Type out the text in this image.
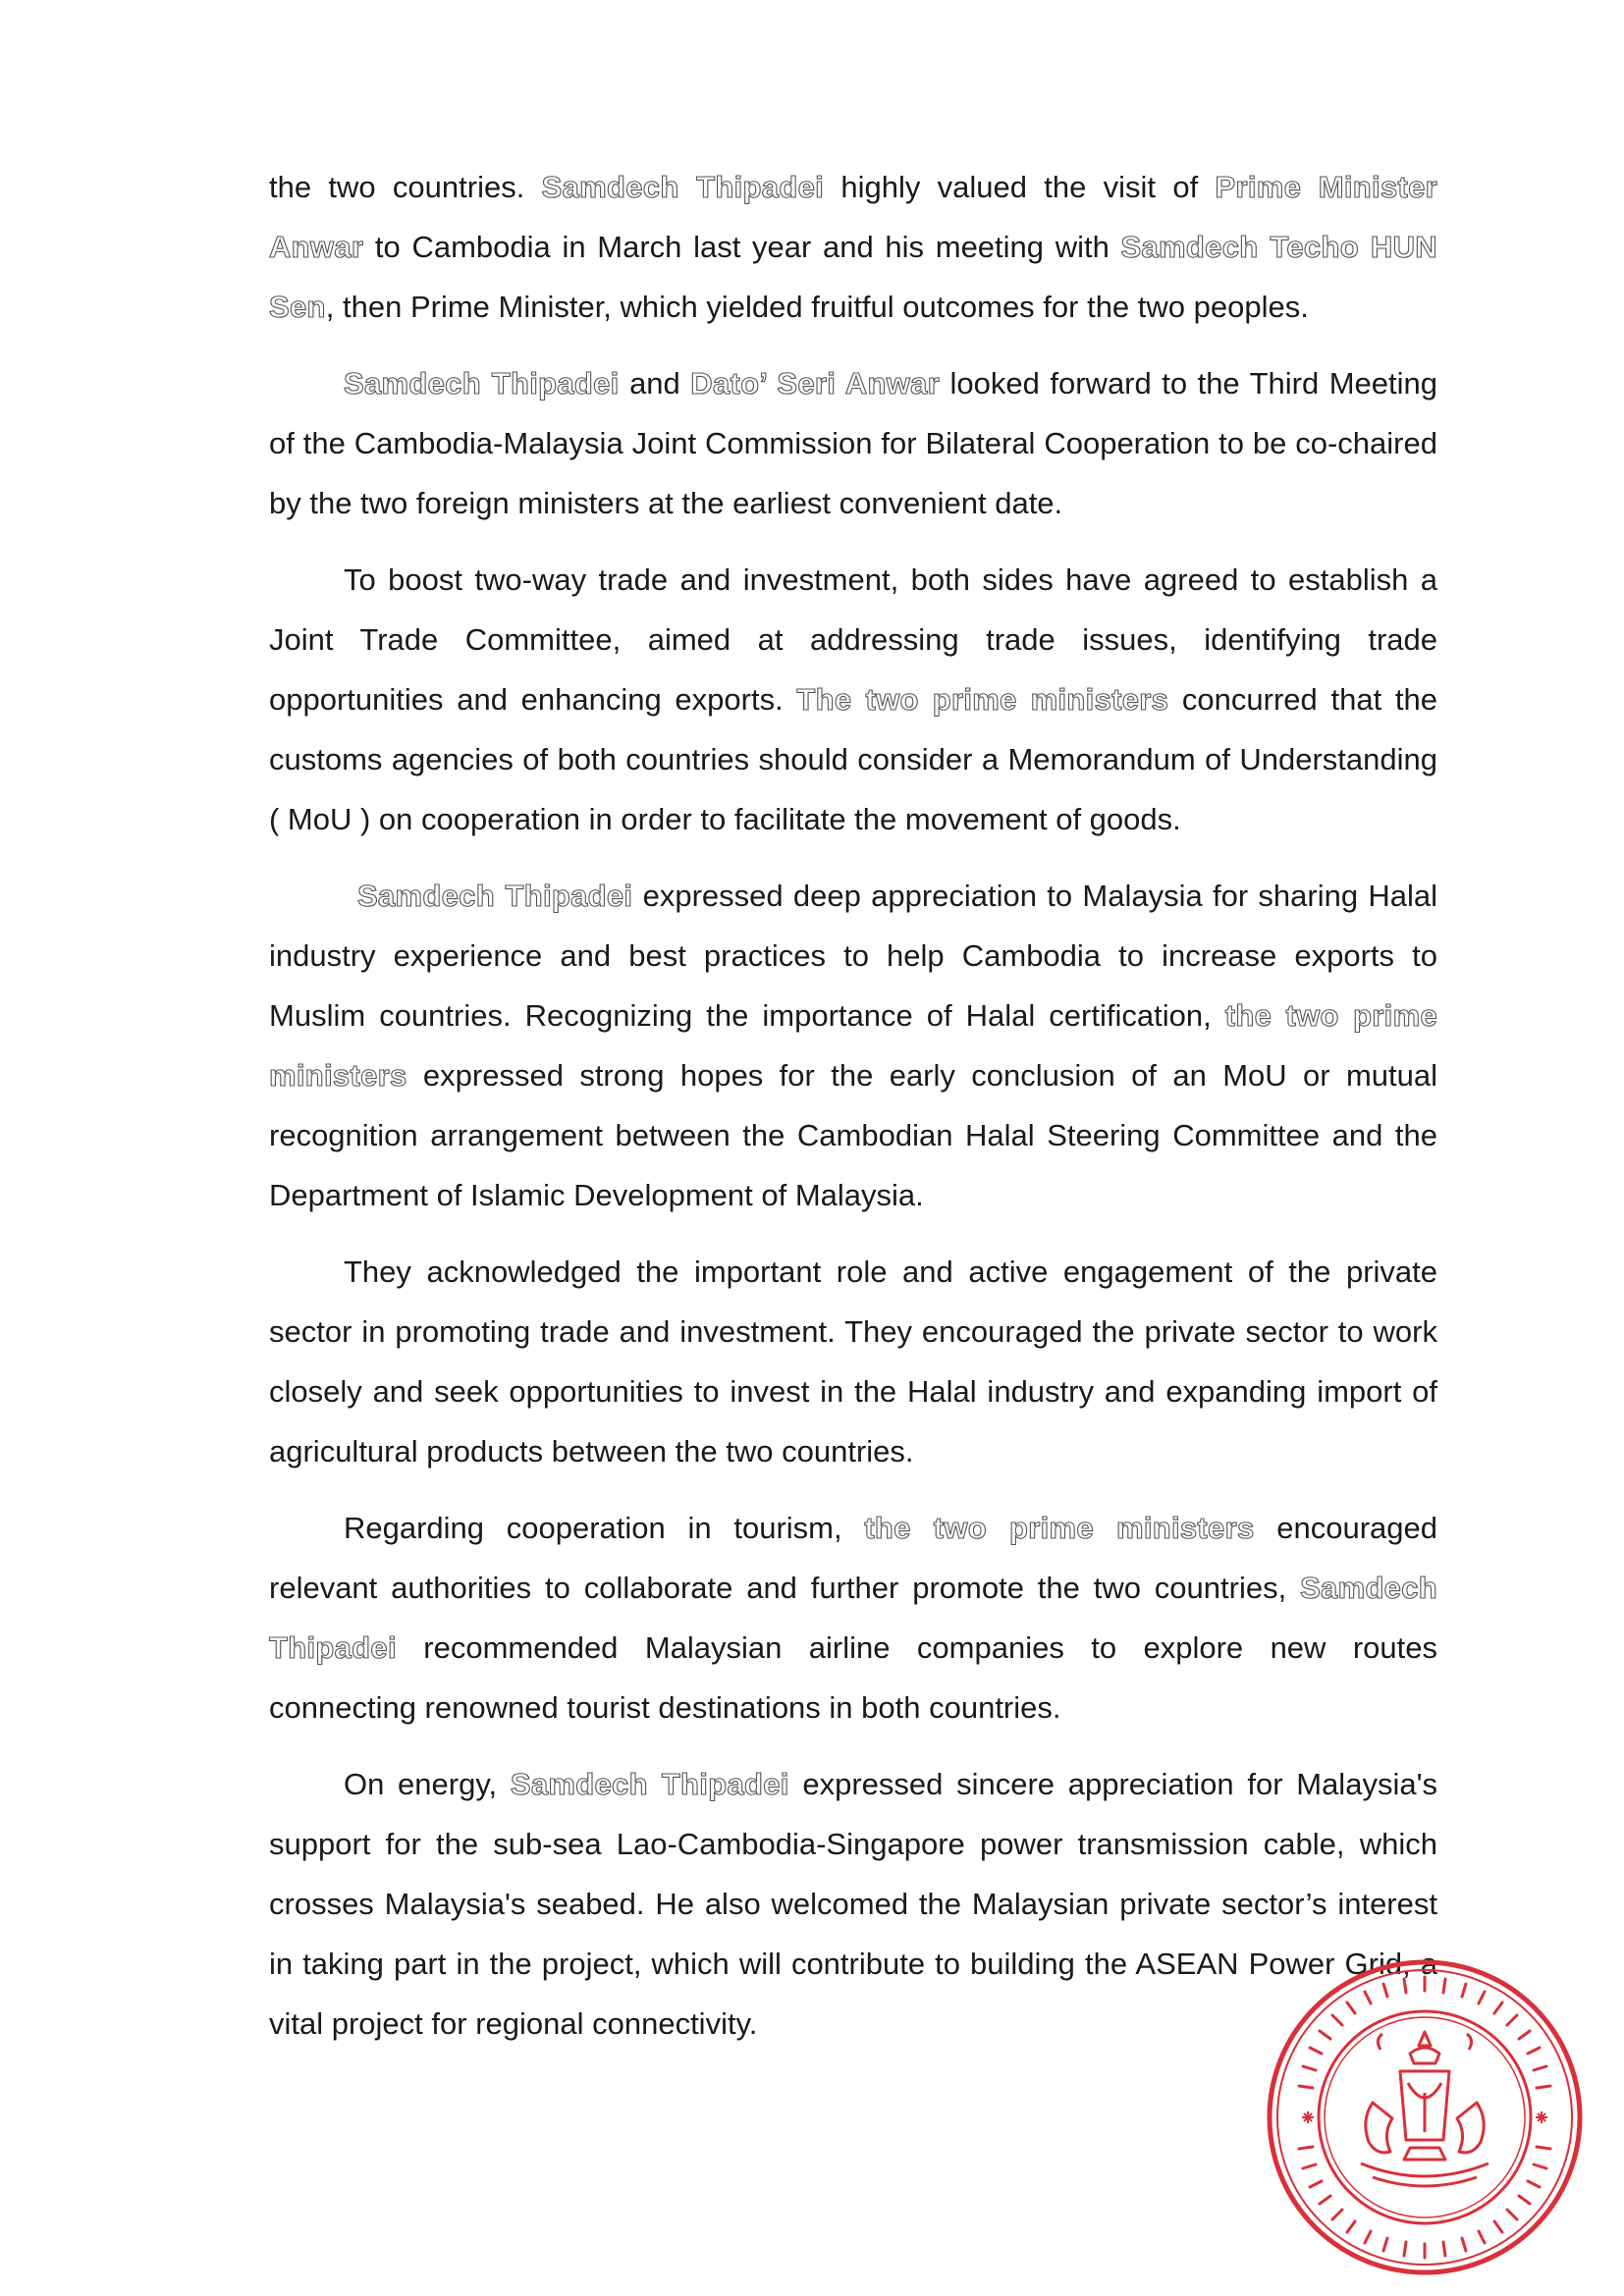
the two countries. Samdech Thipadei highly valued the visit of Prime Minister Anwar to Cambodia in March last year and his meeting with Samdech Techo HUN Sen, then Prime Minister, which yielded fruitful outcomes for the two peoples.

Samdech Thipadei and Dato’ Seri Anwar looked forward to the Third Meeting of the Cambodia-Malaysia Joint Commission for Bilateral Cooperation to be co-chaired by the two foreign ministers at the earliest convenient date.

To boost two-way trade and investment, both sides have agreed to establish a Joint Trade Committee, aimed at addressing trade issues, identifying trade opportunities and enhancing exports. The two prime ministers concurred that the customs agencies of both countries should consider a Memorandum of Understanding ( MoU ) on cooperation in order to facilitate the movement of goods.

Samdech Thipadei expressed deep appreciation to Malaysia for sharing Halal industry experience and best practices to help Cambodia to increase exports to Muslim countries. Recognizing the importance of Halal certification, the two prime ministers expressed strong hopes for the early conclusion of an MoU or mutual recognition arrangement between the Cambodian Halal Steering Committee and the Department of Islamic Development of Malaysia.

They acknowledged the important role and active engagement of the private sector in promoting trade and investment. They encouraged the private sector to work closely and seek opportunities to invest in the Halal industry and expanding import of agricultural products between the two countries.

Regarding cooperation in tourism, the two prime ministers encouraged relevant authorities to collaborate and further promote the two countries, Samdech Thipadei recommended Malaysian airline companies to explore new routes connecting renowned tourist destinations in both countries.

On energy, Samdech Thipadei expressed sincere appreciation for Malaysia's support for the sub-sea Lao-Cambodia-Singapore power transmission cable, which crosses Malaysia's seabed. He also welcomed the Malaysian private sector’s interest in taking part in the project, which will contribute to building the ASEAN Power Grid, a vital project for regional connectivity.
